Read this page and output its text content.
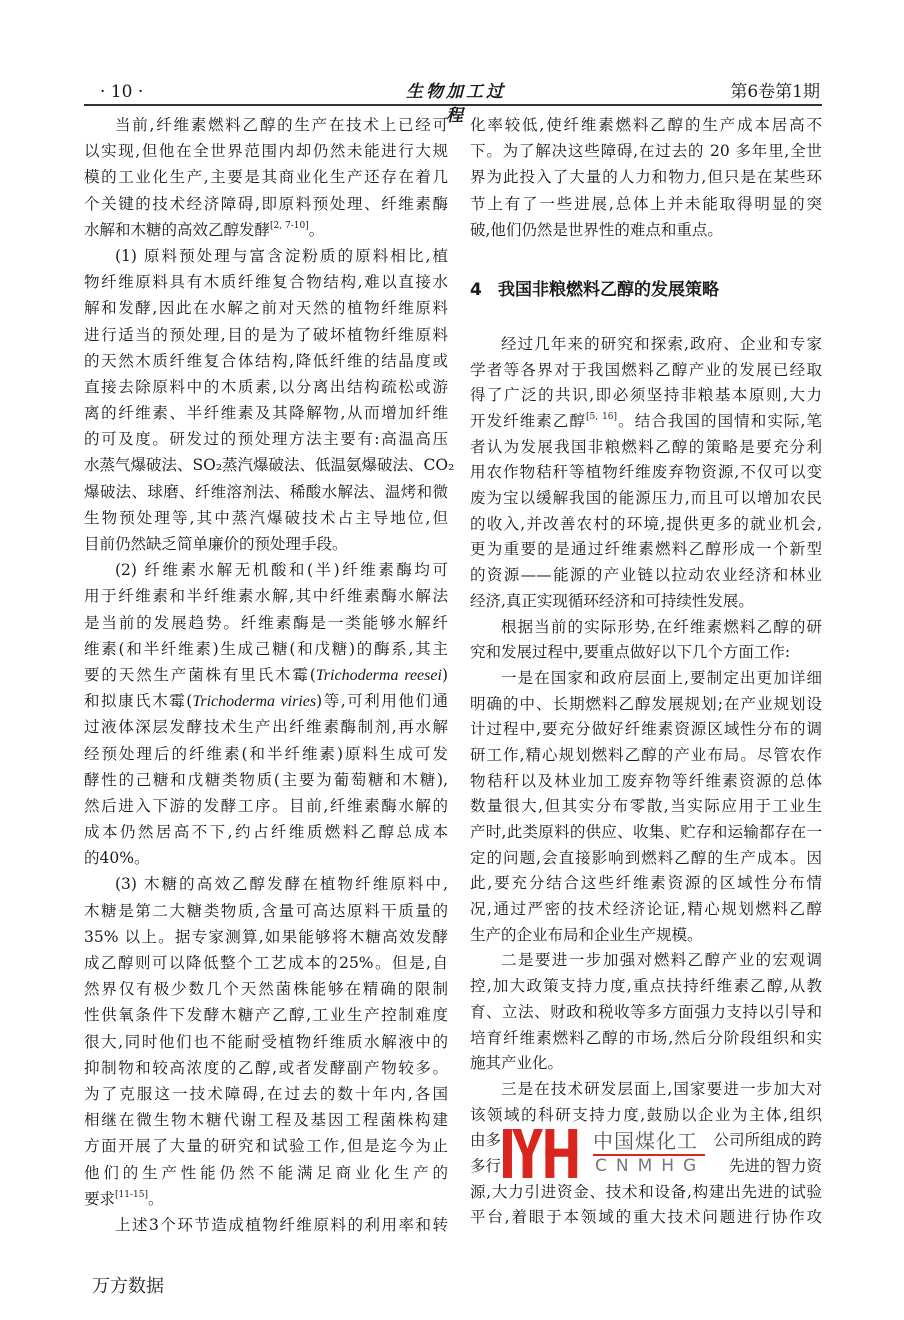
· 10 ·	生物加工过程
第6卷第1期
当前,纤维素燃料乙醇的生产在技术上已经可
以实现,但他在全世界范围内却仍然未能进行大规
模的工业化生产,主要是其商业化生产还存在着几
个关键的技术经济障碍,即原料预处理、纤维素酶
水解和木糖的高效乙醇发酵[2, 7-10]。
(1) 原料预处理与富含淀粉质的原料相比,植
物纤维原料具有木质纤维复合物结构,难以直接水
解和发酵,因此在水解之前对天然的植物纤维原料
进行适当的预处理,目的是为了破坏植物纤维原料
的天然木质纤维复合体结构,降低纤维的结晶度或
直接去除原料中的木质素,以分离出结构疏松或游
离的纤维素、半纤维素及其降解物,从而增加纤维
的可及度。研发过的预处理方法主要有:高温高压
水蒸气爆破法、SO₂蒸汽爆破法、低温氨爆破法、CO₂
爆破法、球磨、纤维溶剂法、稀酸水解法、温烤和微
生物预处理等,其中蒸汽爆破技术占主导地位,但
目前仍然缺乏简单廉价的预处理手段。
(2) 纤维素水解无机酸和(半)纤维素酶均可
用于纤维素和半纤维素水解,其中纤维素酶水解法
是当前的发展趋势。纤维素酶是一类能够水解纤
维素(和半纤维素)生成己糖(和戊糖)的酶系,其主
要的天然生产菌株有里氏木霉(Trichoderma reesei)
和拟康氏木霉(Trichoderma viries)等,可利用他们通
过液体深层发酵技术生产出纤维素酶制剂,再水解
经预处理后的纤维素(和半纤维素)原料生成可发
酵性的己糖和戊糖类物质(主要为葡萄糖和木糖),
然后进入下游的发酵工序。目前,纤维素酶水解的
成本仍然居高不下,约占纤维质燃料乙醇总成本
的40%。
(3) 木糖的高效乙醇发酵在植物纤维原料中,
木糖是第二大糖类物质,含量可高达原料干质量的
35% 以上。据专家测算,如果能够将木糖高效发酵
成乙醇则可以降低整个工艺成本的25%。但是,自
然界仅有极少数几个天然菌株能够在精确的限制
性供氧条件下发酵木糖产乙醇,工业生产控制难度
很大,同时他们也不能耐受植物纤维质水解液中的
抑制物和较高浓度的乙醇,或者发酵副产物较多。
为了克服这一技术障碍,在过去的数十年内,各国
相继在微生物木糖代谢工程及基因工程菌株构建
方面开展了大量的研究和试验工作,但是迄今为止
他们的生产性能仍然不能满足商业化生产的
要求[11-15]。
上述3个环节造成植物纤维原料的利用率和转
化率较低,使纤维素燃料乙醇的生产成本居高不
下。为了解决这些障碍,在过去的 20 多年里,全世
界为此投入了大量的人力和物力,但只是在某些环
节上有了一些进展,总体上并未能取得明显的突
破,他们仍然是世界性的难点和重点。
4 我国非粮燃料乙醇的发展策略
经过几年来的研究和探索,政府、企业和专家
学者等各界对于我国燃料乙醇产业的发展已经取
得了广泛的共识,即必须坚持非粮基本原则,大力
开发纤维素乙醇[5, 16]。结合我国的国情和实际,笔
者认为发展我国非粮燃料乙醇的策略是要充分利
用农作物秸秆等植物纤维废弃物资源,不仅可以变
废为宝以缓解我国的能源压力,而且可以增加农民
的收入,并改善农村的环境,提供更多的就业机会,
更为重要的是通过纤维素燃料乙醇形成一个新型
的资源——能源的产业链以拉动农业经济和林业
经济,真正实现循环经济和可持续性发展。
根据当前的实际形势,在纤维素燃料乙醇的研
究和发展过程中,要重点做好以下几个方面工作:
一是在国家和政府层面上,要制定出更加详细
明确的中、长期燃料乙醇发展规划;在产业规划设
计过程中,要充分做好纤维素资源区域性分布的调
研工作,精心规划燃料乙醇的产业布局。尽管农作
物秸秆以及林业加工废弃物等纤维素资源的总体
数量很大,但其实分布零散,当实际应用于工业生
产时,此类原料的供应、收集、贮存和运输都存在一
定的问题,会直接影响到燃料乙醇的生产成本。因
此,要充分结合这些纤维素资源的区域性分布情
况,通过严密的技术经济论证,精心规划燃料乙醇
生产的企业布局和企业生产规模。
二是要进一步加强对燃料乙醇产业的宏观调
控,加大政策支持力度,重点扶持纤维素乙醇,从教
育、立法、财政和税收等多方面强力支持以引导和
培育纤维素燃料乙醇的市场,然后分阶段组织和实
施其产业化。
三是在技术研发层面上,国家要进一步加大对
该领域的科研支持力度,鼓励以企业为主体,组织
由多	公司所组成的跨
多行	先进的智力资
源,大力引进资金、技术和设备,构建出先进的试验
平台,着眼于本领域的重大技术问题进行协作攻
中国煤化工
CNMHG
万方数据
